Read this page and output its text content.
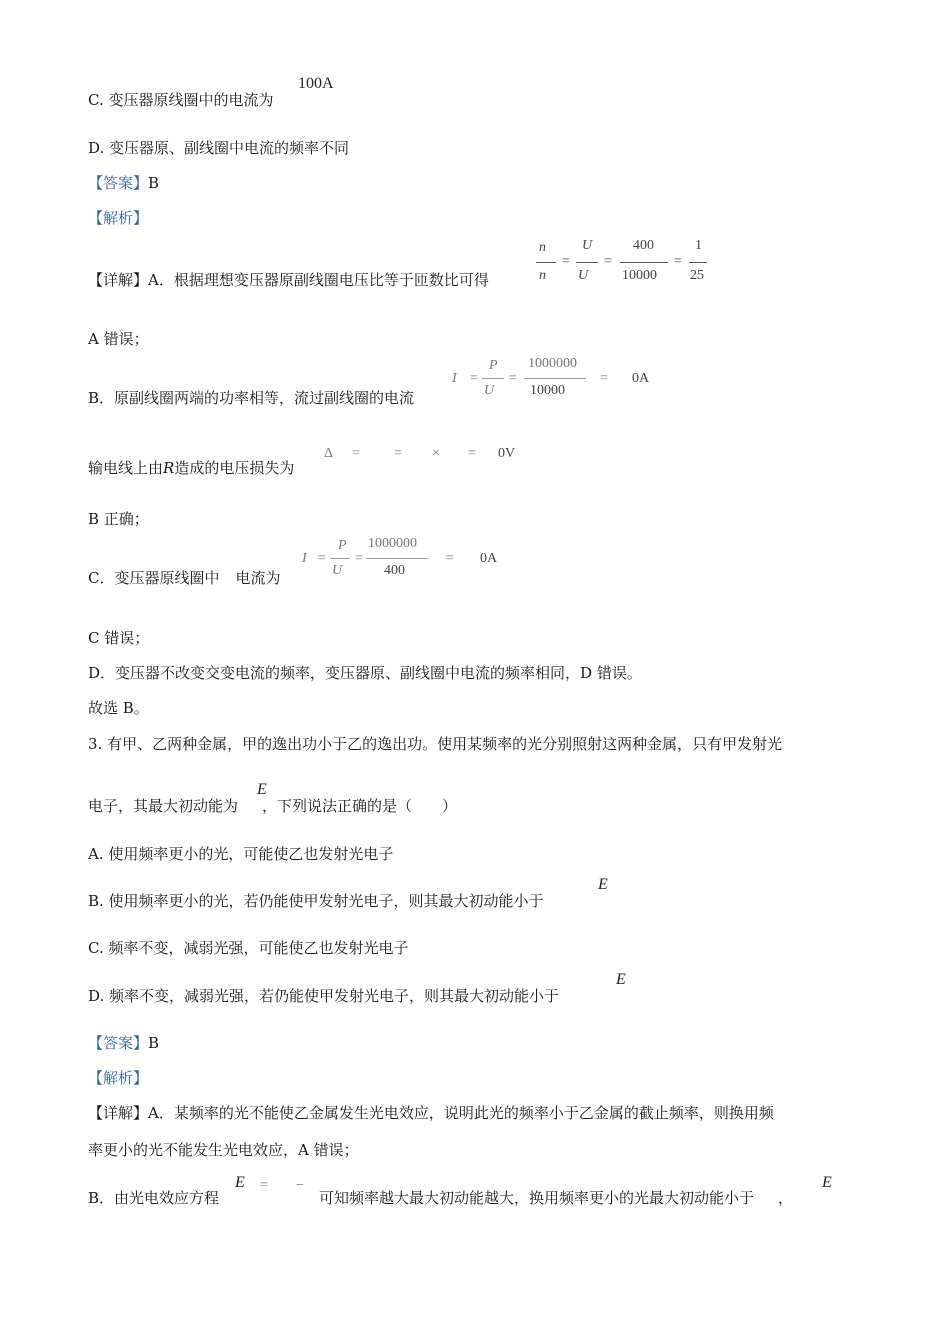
C. 变压器原线圈中的电流为
100A
D. 变压器原、副线圈中电流的频率不同
【答案】B
【解析】
【详解】A．根据理想变压器原副线圈电压比等于匝数比可得
n
n
=
U
U
=
400
10000
=
1
25
A 错误；
B．原副线圈两端的功率相等，流过副线圈的电流
I =
P
U
=
1000000
10000
= 0A
输电线上由R造成的电压损失为
Δ = = × = 0V
B 正确；
C．变压器原线圈中 电流为
I =
P
U
=
1000000
400
= 0A
C 错误；
D．变压器不改变交变电流的频率，变压器原、副线圈中电流的频率相同，D 错误。
故选 B。
3. 有甲、乙两种金属，甲的逸出功小于乙的逸出功。使用某频率的光分别照射这两种金属，只有甲发射光
电子，其最大初动能为 ，下列说法正确的是（　　）
E
A. 使用频率更小的光，可能使乙也发射光电子
B. 使用频率更小的光，若仍能使甲发射光电子，则其最大初动能小于
E
C. 频率不变，减弱光强，可能使乙也发射光电子
D. 频率不变，减弱光强，若仍能使甲发射光电子，则其最大初动能小于
E
【答案】B
【解析】
【详解】A．某频率的光不能使乙金属发生光电效应，说明此光的频率小于乙金属的截止频率，则换用频
率更小的光不能发生光电效应，A 错误；
B．由光电效应方程	可知频率越大最大初动能越大，换用频率更小的光最大初动能小于 ，
E = −	E
